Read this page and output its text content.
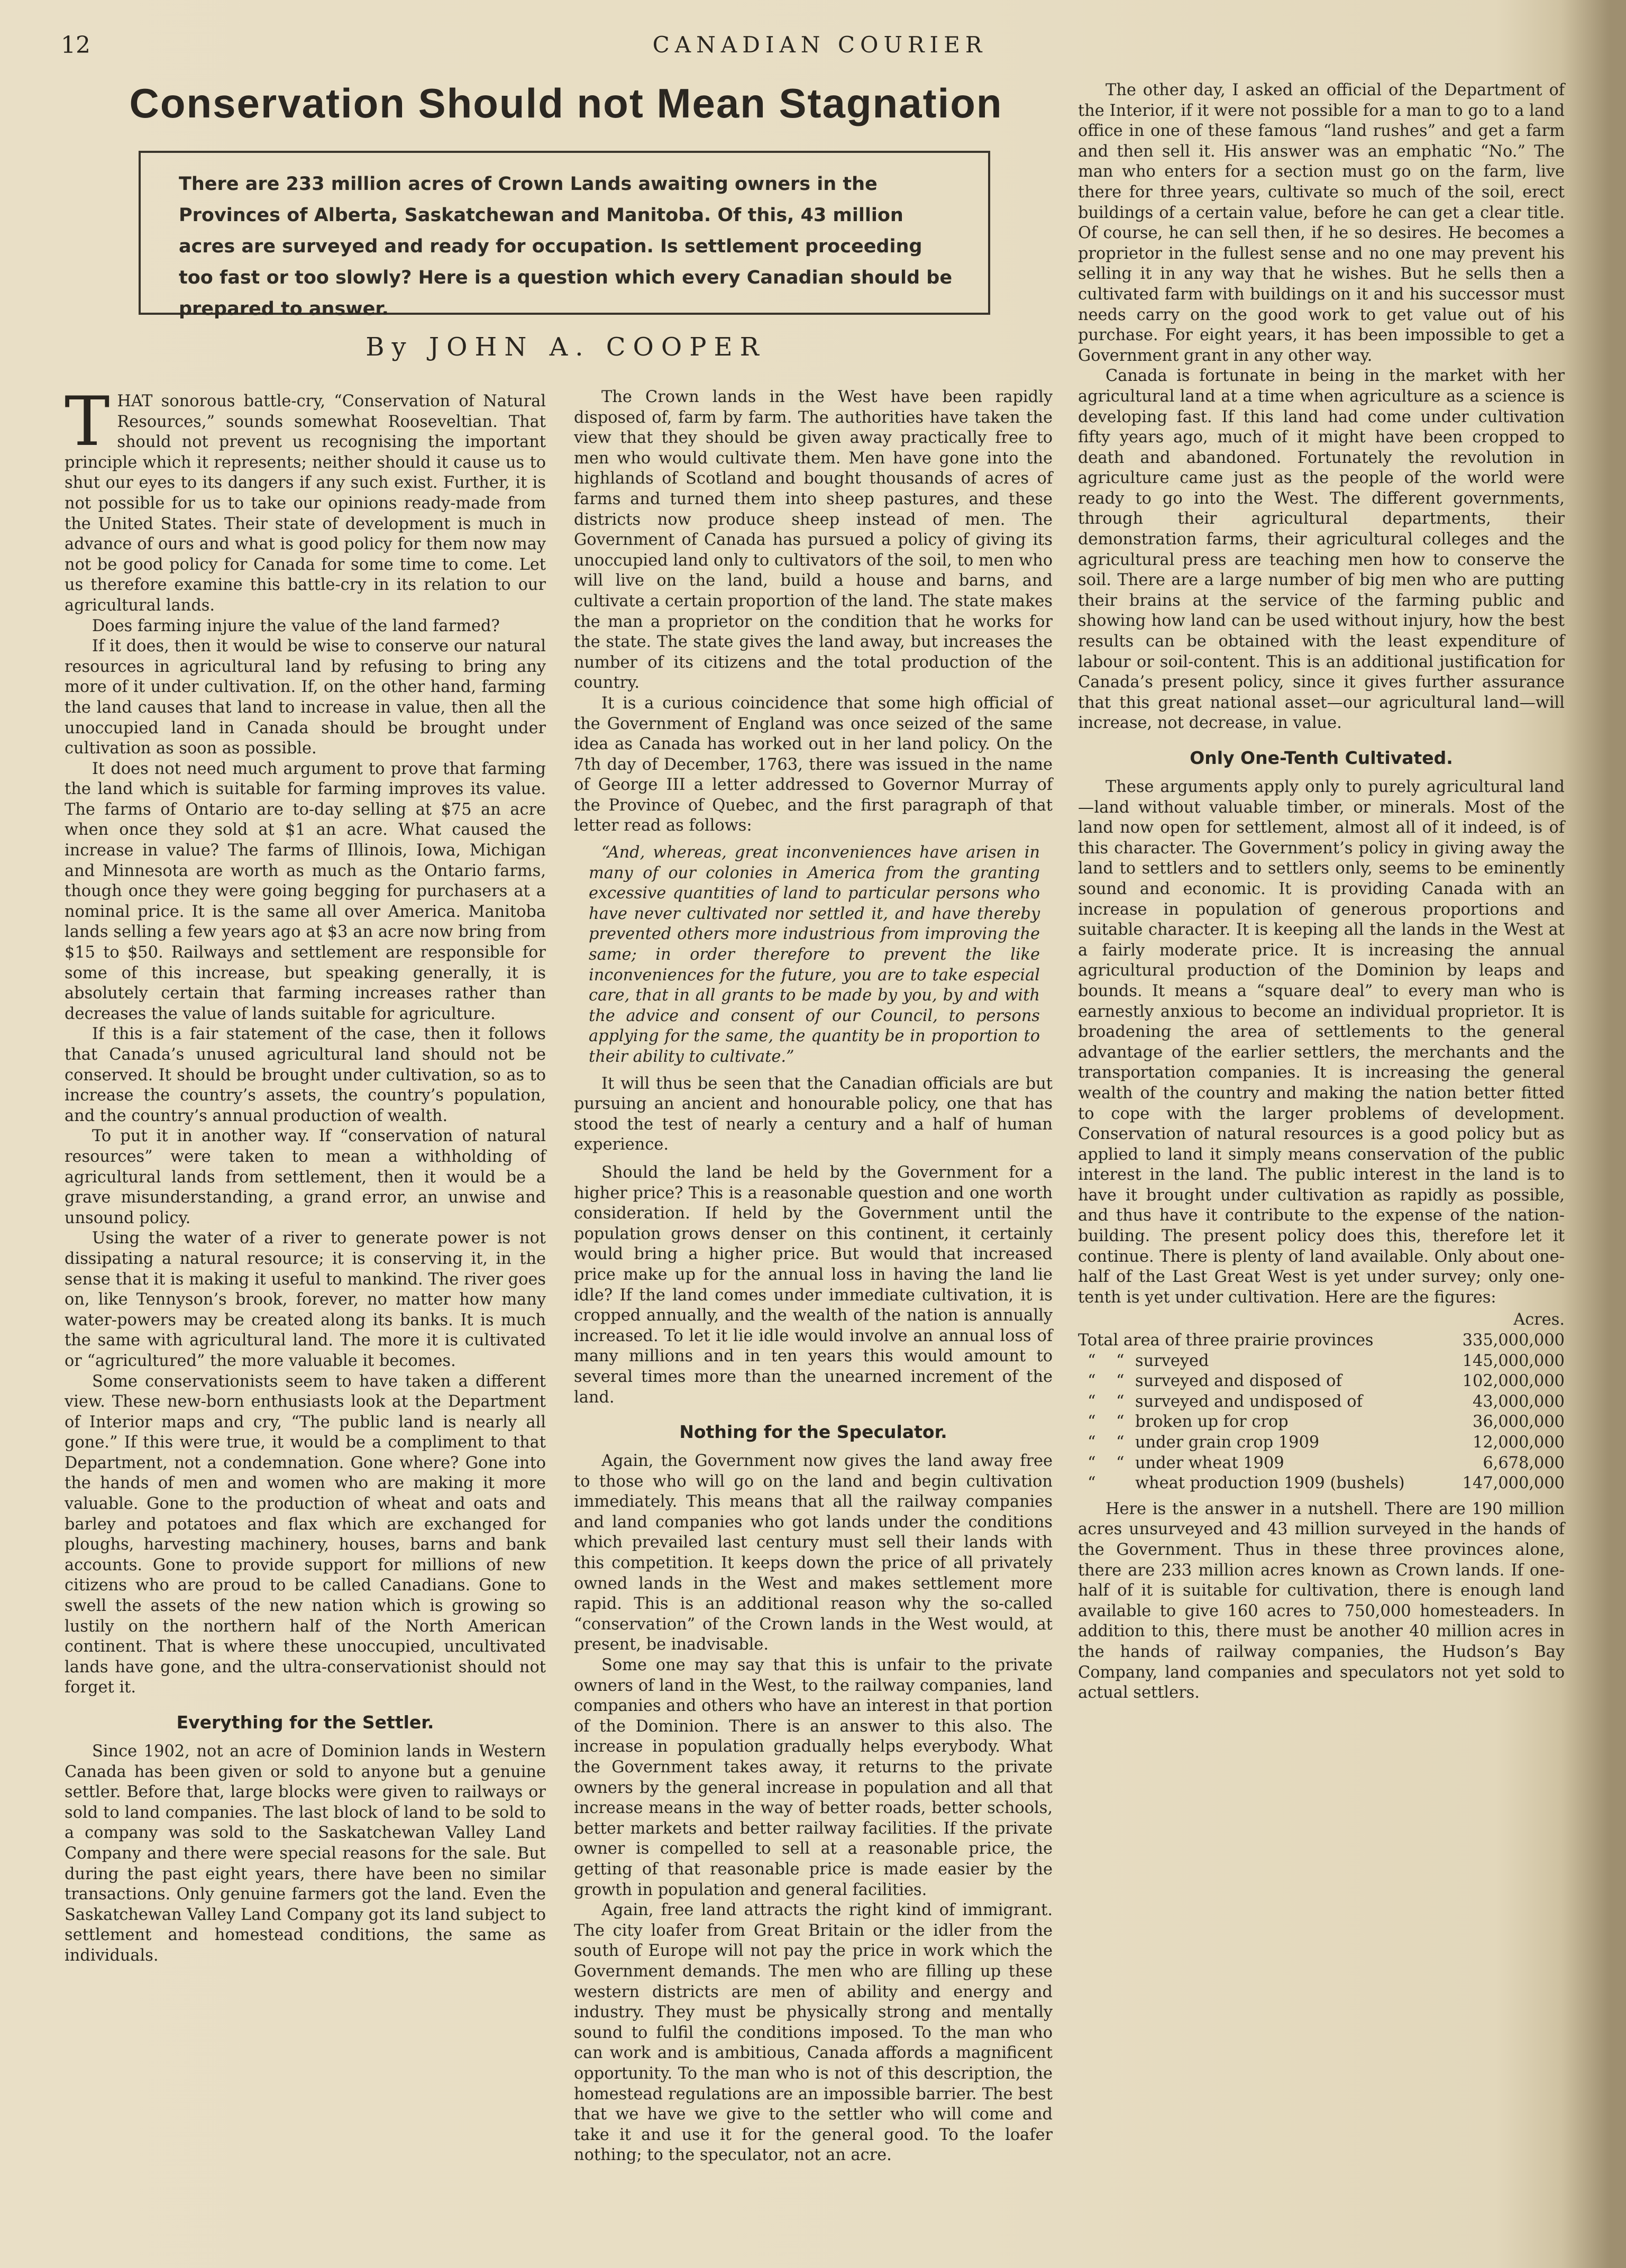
12	CANADIAN COURIER
Conservation Should not Mean Stagnation

There are 233 million acres of Crown Lands awaiting owners in the Provinces of Alberta, Saskatchewan and Manitoba. Of this, 43 million acres are surveyed and ready for occupation. Is settlement proceeding too fast or too slowly? Here is a question which every Canadian should be prepared to answer.

By JOHN A. COOPER

THAT sonorous battle-cry, “Conservation of Natural Resources,” sounds somewhat Rooseveltian. That should not prevent us recognising the important principle which it represents; neither should it cause us to shut our eyes to its dangers if any such exist. Further, it is not possible for us to take our opinions ready-made from the United States. Their state of development is much in advance of ours and what is good policy for them now may not be good policy for Canada for some time to come. Let us therefore examine this battle-cry in its relation to our agricultural lands.

Does farming injure the value of the land farmed?

If it does, then it would be wise to conserve our natural resources in agricultural land by refusing to bring any more of it under cultivation. If, on the other hand, farming the land causes that land to increase in value, then all the unoccupied land in Canada should be brought under cultivation as soon as possible.

It does not need much argument to prove that farming the land which is suitable for farming improves its value. The farms of Ontario are to-day selling at $75 an acre when once they sold at $1 an acre. What caused the increase in value? The farms of Illinois, Iowa, Michigan and Minnesota are worth as much as the Ontario farms, though once they were going begging for purchasers at a nominal price. It is the same all over America. Manitoba lands selling a few years ago at $3 an acre now bring from $15 to $50. Railways and settlement are responsible for some of this increase, but speaking generally, it is absolutely certain that farming increases rather than decreases the value of lands suitable for agriculture.

If this is a fair statement of the case, then it follows that Canada’s unused agricultural land should not be conserved. It should be brought under cultivation, so as to increase the country’s assets, the country’s population, and the country’s annual production of wealth.

To put it in another way. If “conservation of natural resources” were taken to mean a withholding of agricultural lands from settlement, then it would be a grave misunderstanding, a grand error, an unwise and unsound policy.

Using the water of a river to generate power is not dissipating a natural resource; it is conserving it, in the sense that it is making it useful to mankind. The river goes on, like Tennyson’s brook, forever, no matter how many water-powers may be created along its banks. It is much the same with agricultural land. The more it is cultivated or “agricultured” the more valuable it becomes.

Some conservationists seem to have taken a different view. These new-born enthusiasts look at the Department of Interior maps and cry, “The public land is nearly all gone.” If this were true, it would be a compliment to that Department, not a condemnation. Gone where? Gone into the hands of men and women who are making it more valuable. Gone to the production of wheat and oats and barley and potatoes and flax which are exchanged for ploughs, harvesting machinery, houses, barns and bank accounts. Gone to provide support for millions of new citizens who are proud to be called Canadians. Gone to swell the assets of the new nation which is growing so lustily on the northern half of the North American continent. That is where these unoccupied, uncultivated lands have gone, and the ultra-conservationist should not forget it.

Everything for the Settler.

Since 1902, not an acre of Dominion lands in Western Canada has been given or sold to anyone but a genuine settler. Before that, large blocks were given to railways or sold to land companies. The last block of land to be sold to a company was sold to the Saskatchewan Valley Land Company and there were special reasons for the sale. But during the past eight years, there have been no similar transactions. Only genuine farmers got the land. Even the Saskatchewan Valley Land Company got its land subject to settlement and homestead conditions, the same as individuals.

The Crown lands in the West have been rapidly disposed of, farm by farm. The authorities have taken the view that they should be given away practically free to men who would cultivate them. Men have gone into the highlands of Scotland and bought thousands of acres of farms and turned them into sheep pastures, and these districts now produce sheep instead of men. The Government of Canada has pursued a policy of giving its unoccupied land only to cultivators of the soil, to men who will live on the land, build a house and barns, and cultivate a certain proportion of the land. The state makes the man a proprietor on the condition that he works for the state. The state gives the land away, but increases the number of its citizens and the total production of the country.

It is a curious coincidence that some high official of the Government of England was once seized of the same idea as Canada has worked out in her land policy. On the 7th day of December, 1763, there was issued in the name of George III a letter addressed to Governor Murray of the Province of Quebec, and the first paragraph of that letter read as follows:

“And, whereas, great inconveniences have arisen in many of our colonies in America from the granting excessive quantities of land to particular persons who have never cultivated nor settled it, and have thereby prevented others more industrious from improving the same; in order therefore to prevent the like inconveniences for the future, you are to take especial care, that in all grants to be made by you, by and with the advice and consent of our Council, to persons applying for the same, the quantity be in proportion to their ability to cultivate.”

It will thus be seen that the Canadian officials are but pursuing an ancient and honourable policy, one that has stood the test of nearly a century and a half of human experience.

Should the land be held by the Government for a higher price? This is a reasonable question and one worth consideration. If held by the Government until the population grows denser on this continent, it certainly would bring a higher price. But would that increased price make up for the annual loss in having the land lie idle? If the land comes under immediate cultivation, it is cropped annually, and the wealth of the nation is annually increased. To let it lie idle would involve an annual loss of many millions and in ten years this would amount to several times more than the unearned increment of the land.

Nothing for the Speculator.

Again, the Government now gives the land away free to those who will go on the land and begin cultivation immediately. This means that all the railway companies and land companies who got lands under the conditions which prevailed last century must sell their lands with this competition. It keeps down the price of all privately owned lands in the West and makes settlement more rapid. This is an additional reason why the so-called “conservation” of the Crown lands in the West would, at present, be inadvisable.

Some one may say that this is unfair to the private owners of land in the West, to the railway companies, land companies and others who have an interest in that portion of the Dominion. There is an answer to this also. The increase in population gradually helps everybody. What the Government takes away, it returns to the private owners by the general increase in population and all that increase means in the way of better roads, better schools, better markets and better railway facilities. If the private owner is compelled to sell at a reasonable price, the getting of that reasonable price is made easier by the growth in population and general facilities.

Again, free land attracts the right kind of immigrant. The city loafer from Great Britain or the idler from the south of Europe will not pay the price in work which the Government demands. The men who are filling up these western districts are men of ability and energy and industry. They must be physically strong and mentally sound to fulfil the conditions imposed. To the man who can work and is ambitious, Canada affords a magnificent opportunity. To the man who is not of this description, the homestead regulations are an impossible barrier. The best that we have we give to the settler who will come and take it and use it for the general good. To the loafer nothing; to the speculator, not an acre.

The other day, I asked an official of the Department of the Interior, if it were not possible for a man to go to a land office in one of these famous “land rushes” and get a farm and then sell it. His answer was an emphatic “No.” The man who enters for a section must go on the farm, live there for three years, cultivate so much of the soil, erect buildings of a certain value, before he can get a clear title. Of course, he can sell then, if he so desires. He becomes a proprietor in the fullest sense and no one may prevent his selling it in any way that he wishes. But he sells then a cultivated farm with buildings on it and his successor must needs carry on the good work to get value out of his purchase. For eight years, it has been impossible to get a Government grant in any other way.

Canada is fortunate in being in the market with her agricultural land at a time when agriculture as a science is developing fast. If this land had come under cultivation fifty years ago, much of it might have been cropped to death and abandoned. Fortunately the revolution in agriculture came just as the people of the world were ready to go into the West. The different governments, through their agricultural departments, their demonstration farms, their agricultural colleges and the agricultural press are teaching men how to conserve the soil. There are a large number of big men who are putting their brains at the service of the farming public and showing how land can be used without injury, how the best results can be obtained with the least expenditure of labour or soil-content. This is an additional justification for Canada’s present policy, since it gives further assurance that this great national asset—our agricultural land—will increase, not decrease, in value.

Only One-Tenth Cultivated.

These arguments apply only to purely agricultural land—land without valuable timber, or minerals. Most of the land now open for settlement, almost all of it indeed, is of this character. The Government’s policy in giving away the land to settlers and to settlers only, seems to be eminently sound and economic. It is providing Canada with an increase in population of generous proportions and suitable character. It is keeping all the lands in the West at a fairly moderate price. It is increasing the annual agricultural production of the Dominion by leaps and bounds. It means a “square deal” to every man who is earnestly anxious to become an individual proprietor. It is broadening the area of settlements to the general advantage of the earlier settlers, the merchants and the transportation companies. It is increasing the general wealth of the country and making the nation better fitted to cope with the larger problems of development. Conservation of natural resources is a good policy but as applied to land it simply means conservation of the public interest in the land. The public interest in the land is to have it brought under cultivation as rapidly as possible, and thus have it contribute to the expense of the nation-building. The present policy does this, therefore let it continue. There is plenty of land available. Only about one-half of the Last Great West is yet under survey; only one-tenth is yet under cultivation. Here are the figures:

Acres.			
Total area of three prairie provinces			335,000,000
“	“	surveyed	145,000,000
“	“	surveyed and disposed of	102,000,000
“	“	surveyed and undisposed of	43,000,000
“	“	broken up for crop	36,000,000
“	“	under grain crop 1909	12,000,000
“	“	under wheat 1909	6,678,000
“		wheat production 1909 (bushels)	147,000,000

Here is the answer in a nutshell. There are 190 million acres unsurveyed and 43 million surveyed in the hands of the Government. Thus in these three provinces alone, there are 233 million acres known as Crown lands. If one-half of it is suitable for cultivation, there is enough land available to give 160 acres to 750,000 homesteaders. In addition to this, there must be another 40 million acres in the hands of railway companies, the Hudson’s Bay Company, land companies and speculators not yet sold to actual settlers.
